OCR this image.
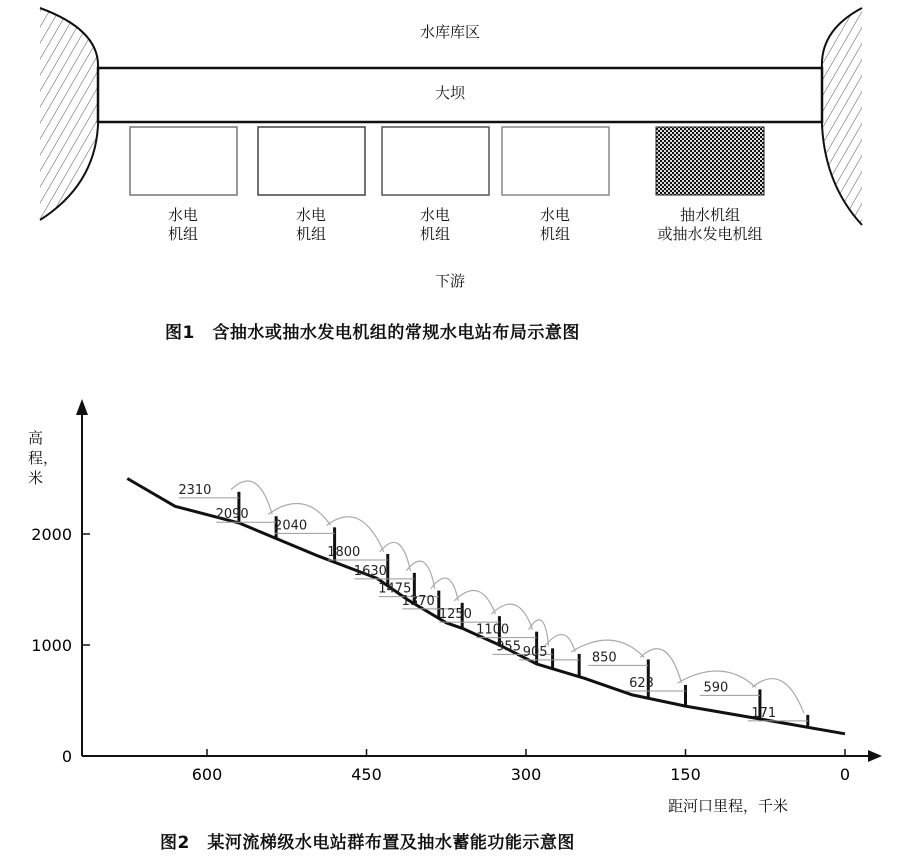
水库库区
大坝
水电
机组
水电
机组
水电
机组
水电
机组
抽水机组
或抽水发电机组
下游
图1　含抽水或抽水发电机组的常规水电站布局示意图
0
1000
2000
600	450	300	150	0
2310
2090
2040
1800
1630
1475
1370
1250
1100
955 905	850
623	590
171
高程，米
距河口里程，千米
图2　某河流梯级水电站群布置及抽水蓄能功能示意图
